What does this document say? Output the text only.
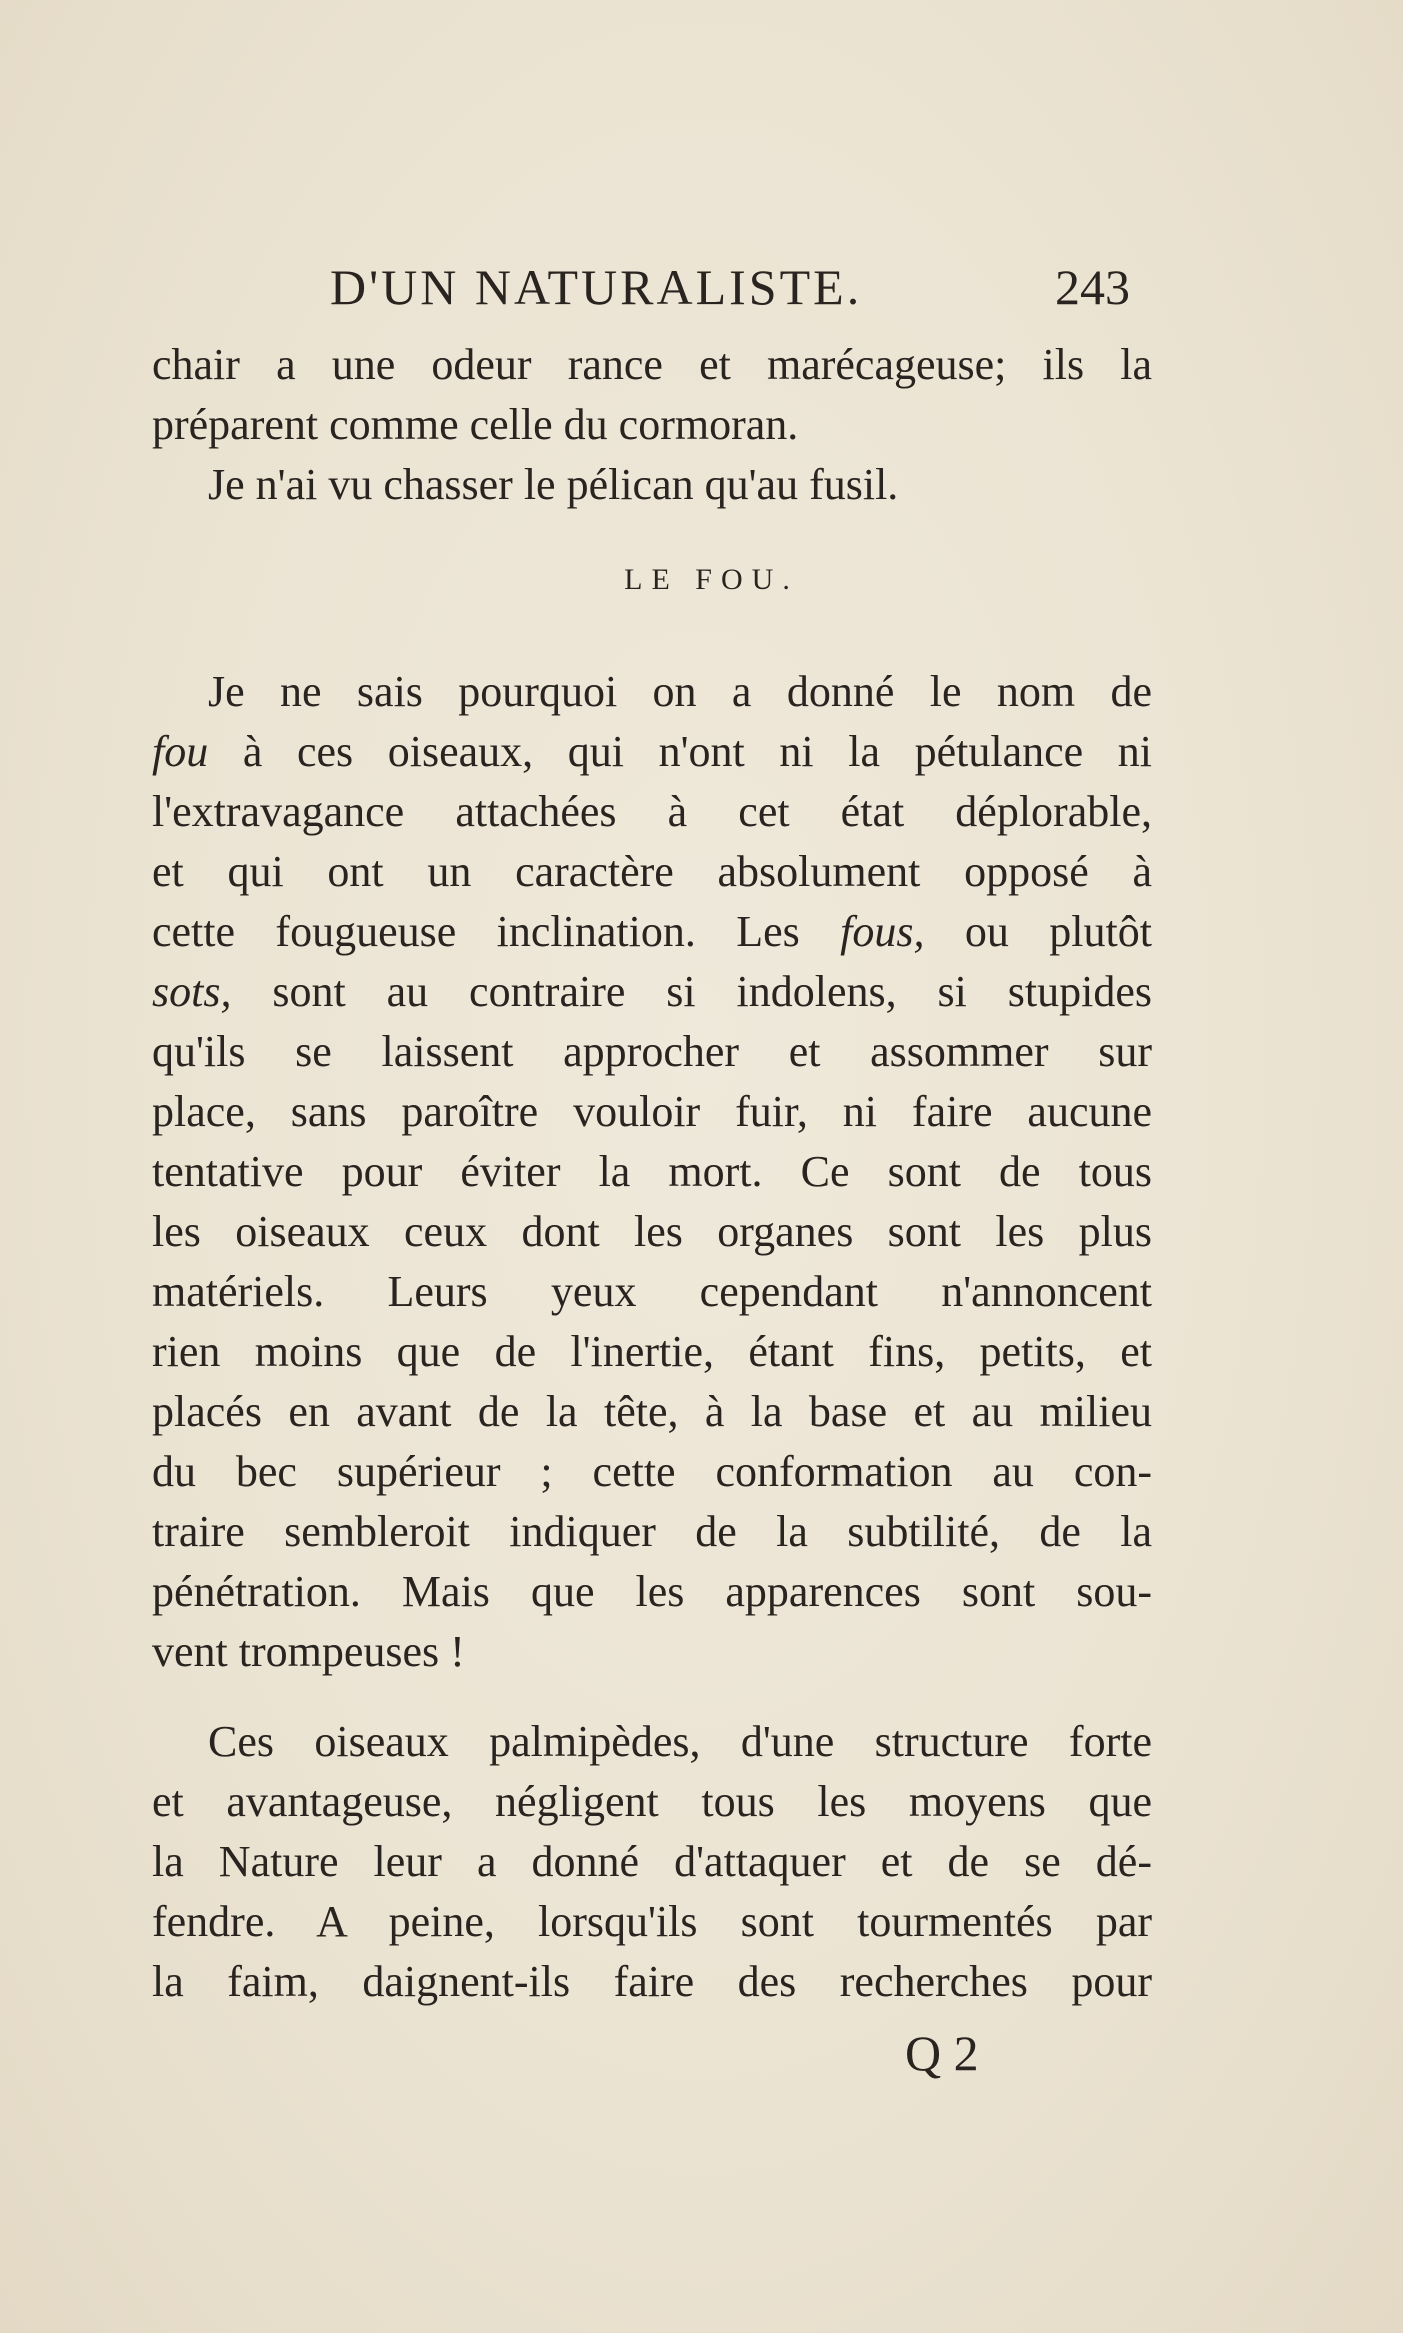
D'UN NATURALISTE.	243
chair a une odeur rance et marécageuse; ils la
préparent comme celle du cormoran.
Je n'ai vu chasser le pélican qu'au fusil.
LE FOU.
Je ne sais pourquoi on a donné le nom de
fou à ces oiseaux, qui n'ont ni la pétulance ni
l'extravagance attachées à cet état déplorable,
et qui ont un caractère absolument opposé à
cette fougueuse inclination. Les fous, ou plutôt
sots, sont au contraire si indolens, si stupides
qu'ils se laissent approcher et assommer sur
place, sans paroître vouloir fuir, ni faire aucune
tentative pour éviter la mort. Ce sont de tous
les oiseaux ceux dont les organes sont les plus
matériels. Leurs yeux cependant n'annoncent
rien moins que de l'inertie, étant fins, petits, et
placés en avant de la tête, à la base et au milieu
du bec supérieur ; cette conformation au con-
traire sembleroit indiquer de la subtilité, de la
pénétration. Mais que les apparences sont sou-
vent trompeuses !
Ces oiseaux palmipèdes, d'une structure forte
et avantageuse, négligent tous les moyens que
la Nature leur a donné d'attaquer et de se dé-
fendre. A peine, lorsqu'ils sont tourmentés par
la faim, daignent-ils faire des recherches pour
Q 2
